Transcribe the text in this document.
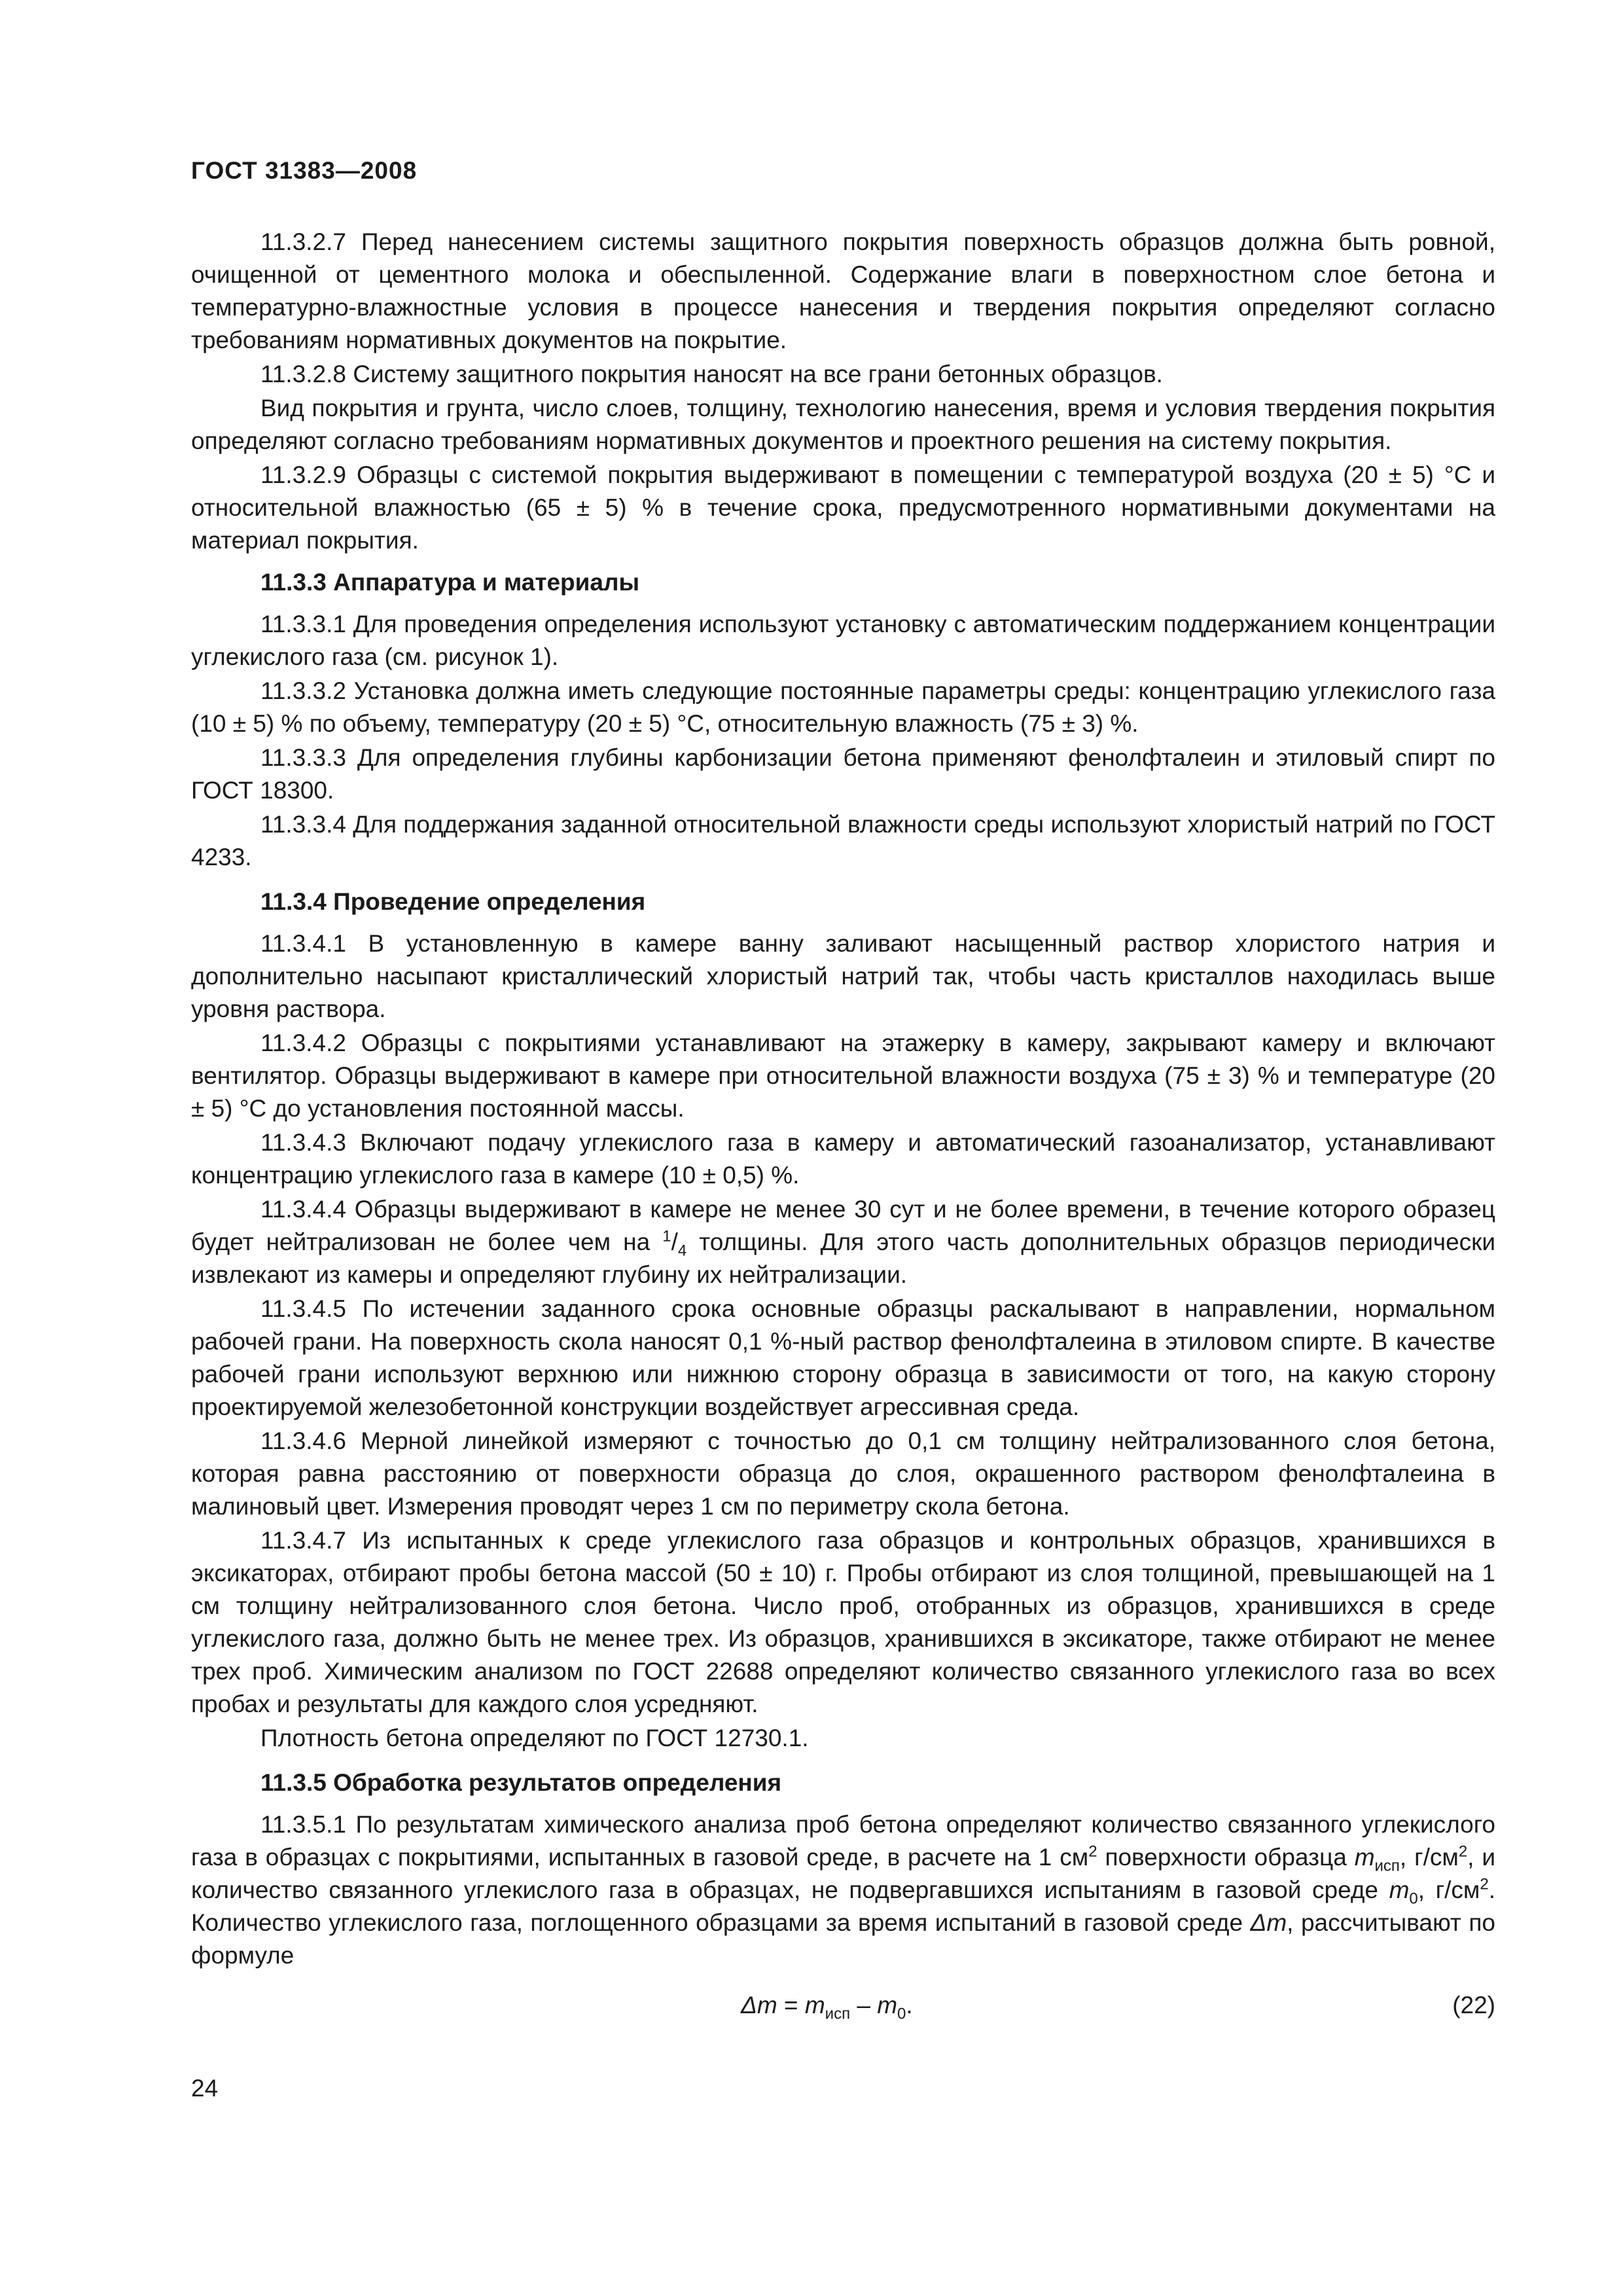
ГОСТ 31383—2008

11.3.2.7 Перед нанесением системы защитного покрытия поверхность образцов должна быть ровной, очищенной от цементного молока и обеспыленной. Содержание влаги в поверхностном слое бетона и температурно-влажностные условия в процессе нанесения и твердения покрытия определяют согласно требованиям нормативных документов на покрытие.

11.3.2.8 Систему защитного покрытия наносят на все грани бетонных образцов.

Вид покрытия и грунта, число слоев, толщину, технологию нанесения, время и условия твердения покрытия определяют согласно требованиям нормативных документов и проектного решения на систему покрытия.

11.3.2.9 Образцы с системой покрытия выдерживают в помещении с температурой воздуха (20 ± 5) °С и относительной влажностью (65 ± 5) % в течение срока, предусмотренного нормативными документами на материал покрытия.

11.3.3 Аппаратура и материалы

11.3.3.1 Для проведения определения используют установку с автоматическим поддержанием концентрации углекислого газа (см. рисунок 1).

11.3.3.2 Установка должна иметь следующие постоянные параметры среды: концентрацию углекислого газа (10 ± 5) % по объему, температуру (20 ± 5) °С, относительную влажность (75 ± 3) %.

11.3.3.3 Для определения глубины карбонизации бетона применяют фенолфталеин и этиловый спирт по ГОСТ 18300.

11.3.3.4 Для поддержания заданной относительной влажности среды используют хлористый натрий по ГОСТ 4233.

11.3.4 Проведение определения

11.3.4.1 В установленную в камере ванну заливают насыщенный раствор хлористого натрия и дополнительно насыпают кристаллический хлористый натрий так, чтобы часть кристаллов находилась выше уровня раствора.

11.3.4.2 Образцы с покрытиями устанавливают на этажерку в камеру, закрывают камеру и включают вентилятор. Образцы выдерживают в камере при относительной влажности воздуха (75 ± 3) % и температуре (20 ± 5) °С до установления постоянной массы.

11.3.4.3 Включают подачу углекислого газа в камеру и автоматический газоанализатор, устанавливают концентрацию углекислого газа в камере (10 ± 0,5) %.

11.3.4.4 Образцы выдерживают в камере не менее 30 сут и не более времени, в течение которого образец будет нейтрализован не более чем на $^1/_4$ толщины. Для этого часть дополнительных образцов периодически извлекают из камеры и определяют глубину их нейтрализации.

11.3.4.5 По истечении заданного срока основные образцы раскалывают в направлении, нормальном рабочей грани. На поверхность скола наносят 0,1 %-ный раствор фенолфталеина в этиловом спирте. В качестве рабочей грани используют верхнюю или нижнюю сторону образца в зависимости от того, на какую сторону проектируемой железобетонной конструкции воздействует агрессивная среда.

11.3.4.6 Мерной линейкой измеряют с точностью до 0,1 см толщину нейтрализованного слоя бетона, которая равна расстоянию от поверхности образца до слоя, окрашенного раствором фенолфталеина в малиновый цвет. Измерения проводят через 1 см по периметру скола бетона.

11.3.4.7 Из испытанных к среде углекислого газа образцов и контрольных образцов, хранившихся в эксикаторах, отбирают пробы бетона массой (50 ± 10) г. Пробы отбирают из слоя толщиной, превышающей на 1 см толщину нейтрализованного слоя бетона. Число проб, отобранных из образцов, хранившихся в среде углекислого газа, должно быть не менее трех. Из образцов, хранившихся в эксикаторе, также отбирают не менее трех проб. Химическим анализом по ГОСТ 22688 определяют количество связанного углекислого газа во всех пробах и результаты для каждого слоя усредняют.

Плотность бетона определяют по ГОСТ 12730.1.

11.3.5 Обработка результатов определения

11.3.5.1 По результатам химического анализа проб бетона определяют количество связанного углекислого газа в образцах с покрытиями, испытанных в газовой среде, в расчете на 1 $см^2$ поверхности образца $m_{исп}$, $г/см^2$, и количество связанного углекислого газа в образцах, не подвергавшихся испытаниям в газовой среде $m_0$, $г/см^2$. Количество углекислого газа, поглощенного образцами за время испытаний в газовой среде Δm, рассчитывают по формуле

$\Delta m = m_{исп} - m_0$.	(22)
24
